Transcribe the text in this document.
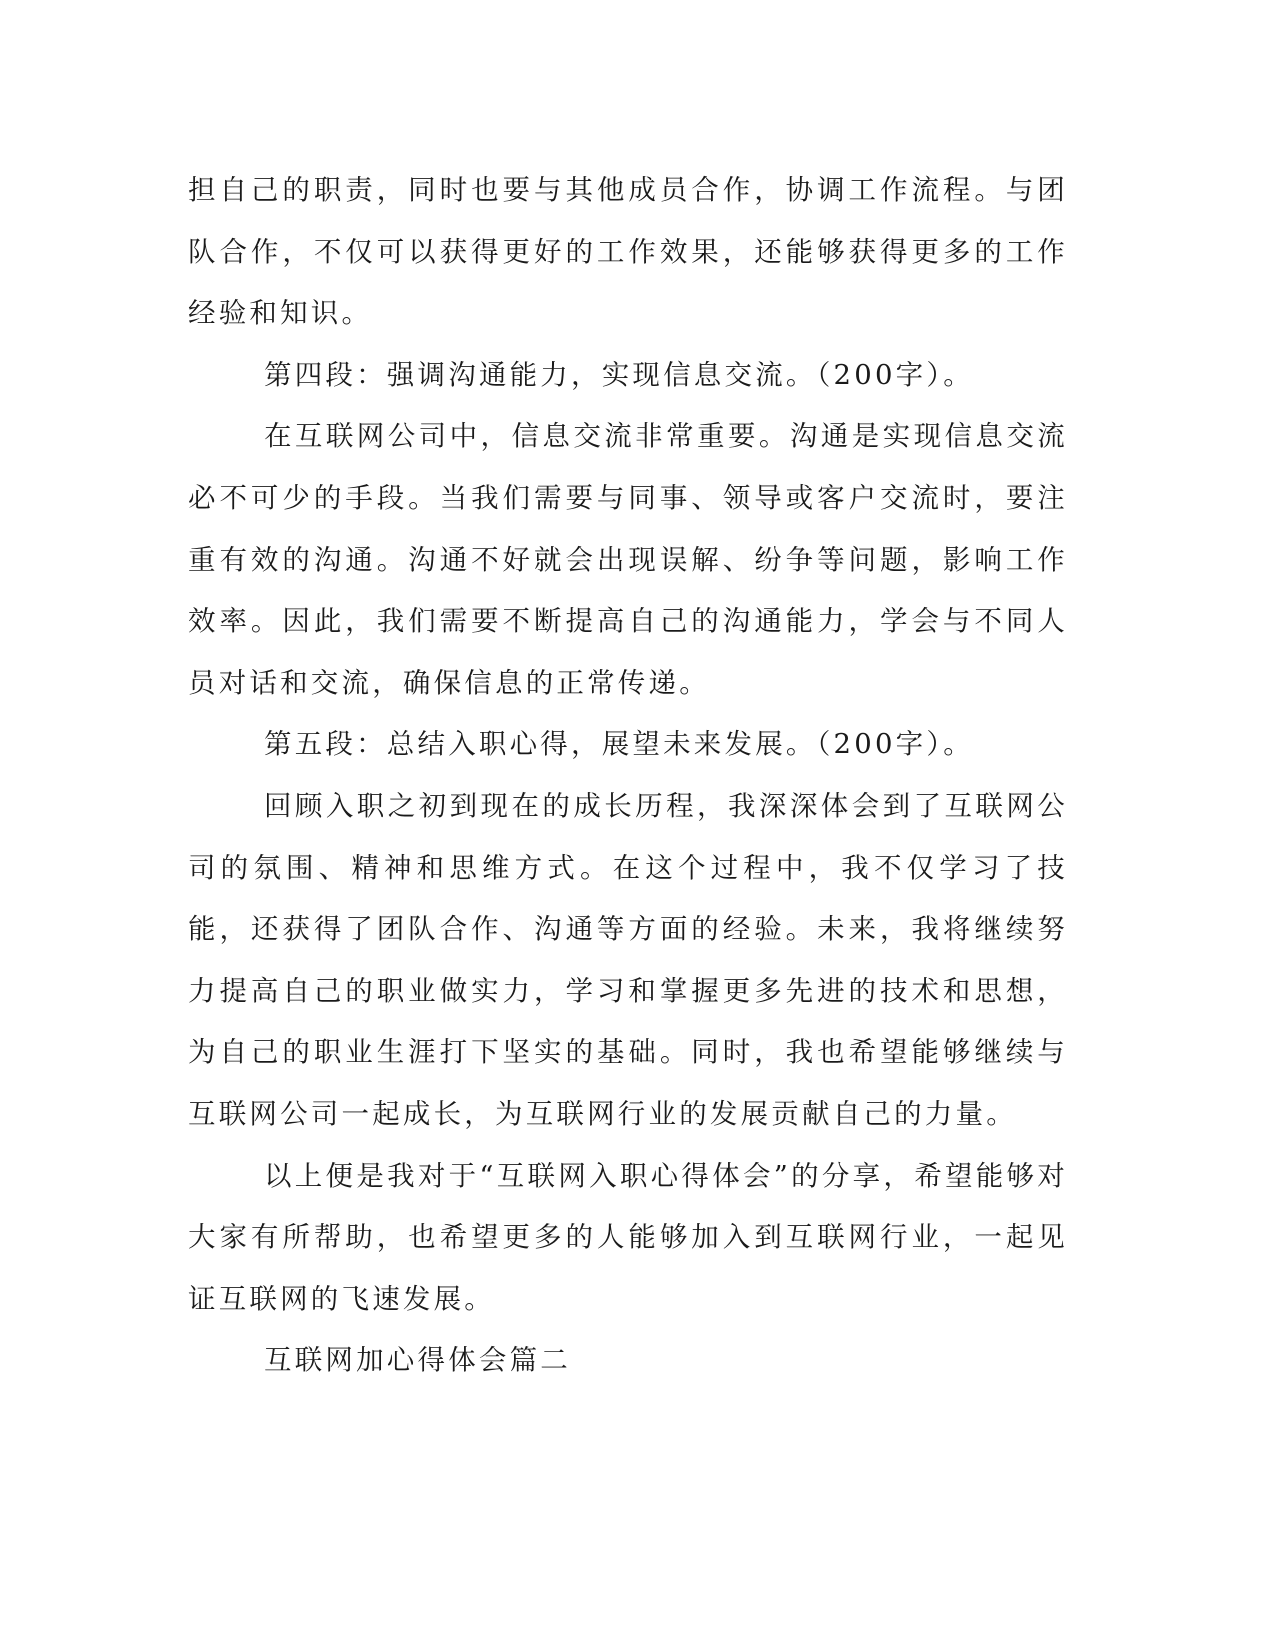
担自己的职责，同时也要与其他成员合作，协调工作流程。与团队合作，不仅可以获得更好的工作效果，还能够获得更多的工作经验和知识。

第四段：强调沟通能力，实现信息交流。（200字）。

在互联网公司中，信息交流非常重要。沟通是实现信息交流必不可少的手段。当我们需要与同事、领导或客户交流时，要注重有效的沟通。沟通不好就会出现误解、纷争等问题，影响工作效率。因此，我们需要不断提高自己的沟通能力，学会与不同人员对话和交流，确保信息的正常传递。

第五段：总结入职心得，展望未来发展。（200字）。

回顾入职之初到现在的成长历程，我深深体会到了互联网公司的氛围、精神和思维方式。在这个过程中，我不仅学习了技能，还获得了团队合作、沟通等方面的经验。未来，我将继续努力提高自己的职业做实力，学习和掌握更多先进的技术和思想，为自己的职业生涯打下坚实的基础。同时，我也希望能够继续与互联网公司一起成长，为互联网行业的发展贡献自己的力量。

以上便是我对于“互联网入职心得体会”的分享，希望能够对大家有所帮助，也希望更多的人能够加入到互联网行业，一起见证互联网的飞速发展。

互联网加心得体会篇二
